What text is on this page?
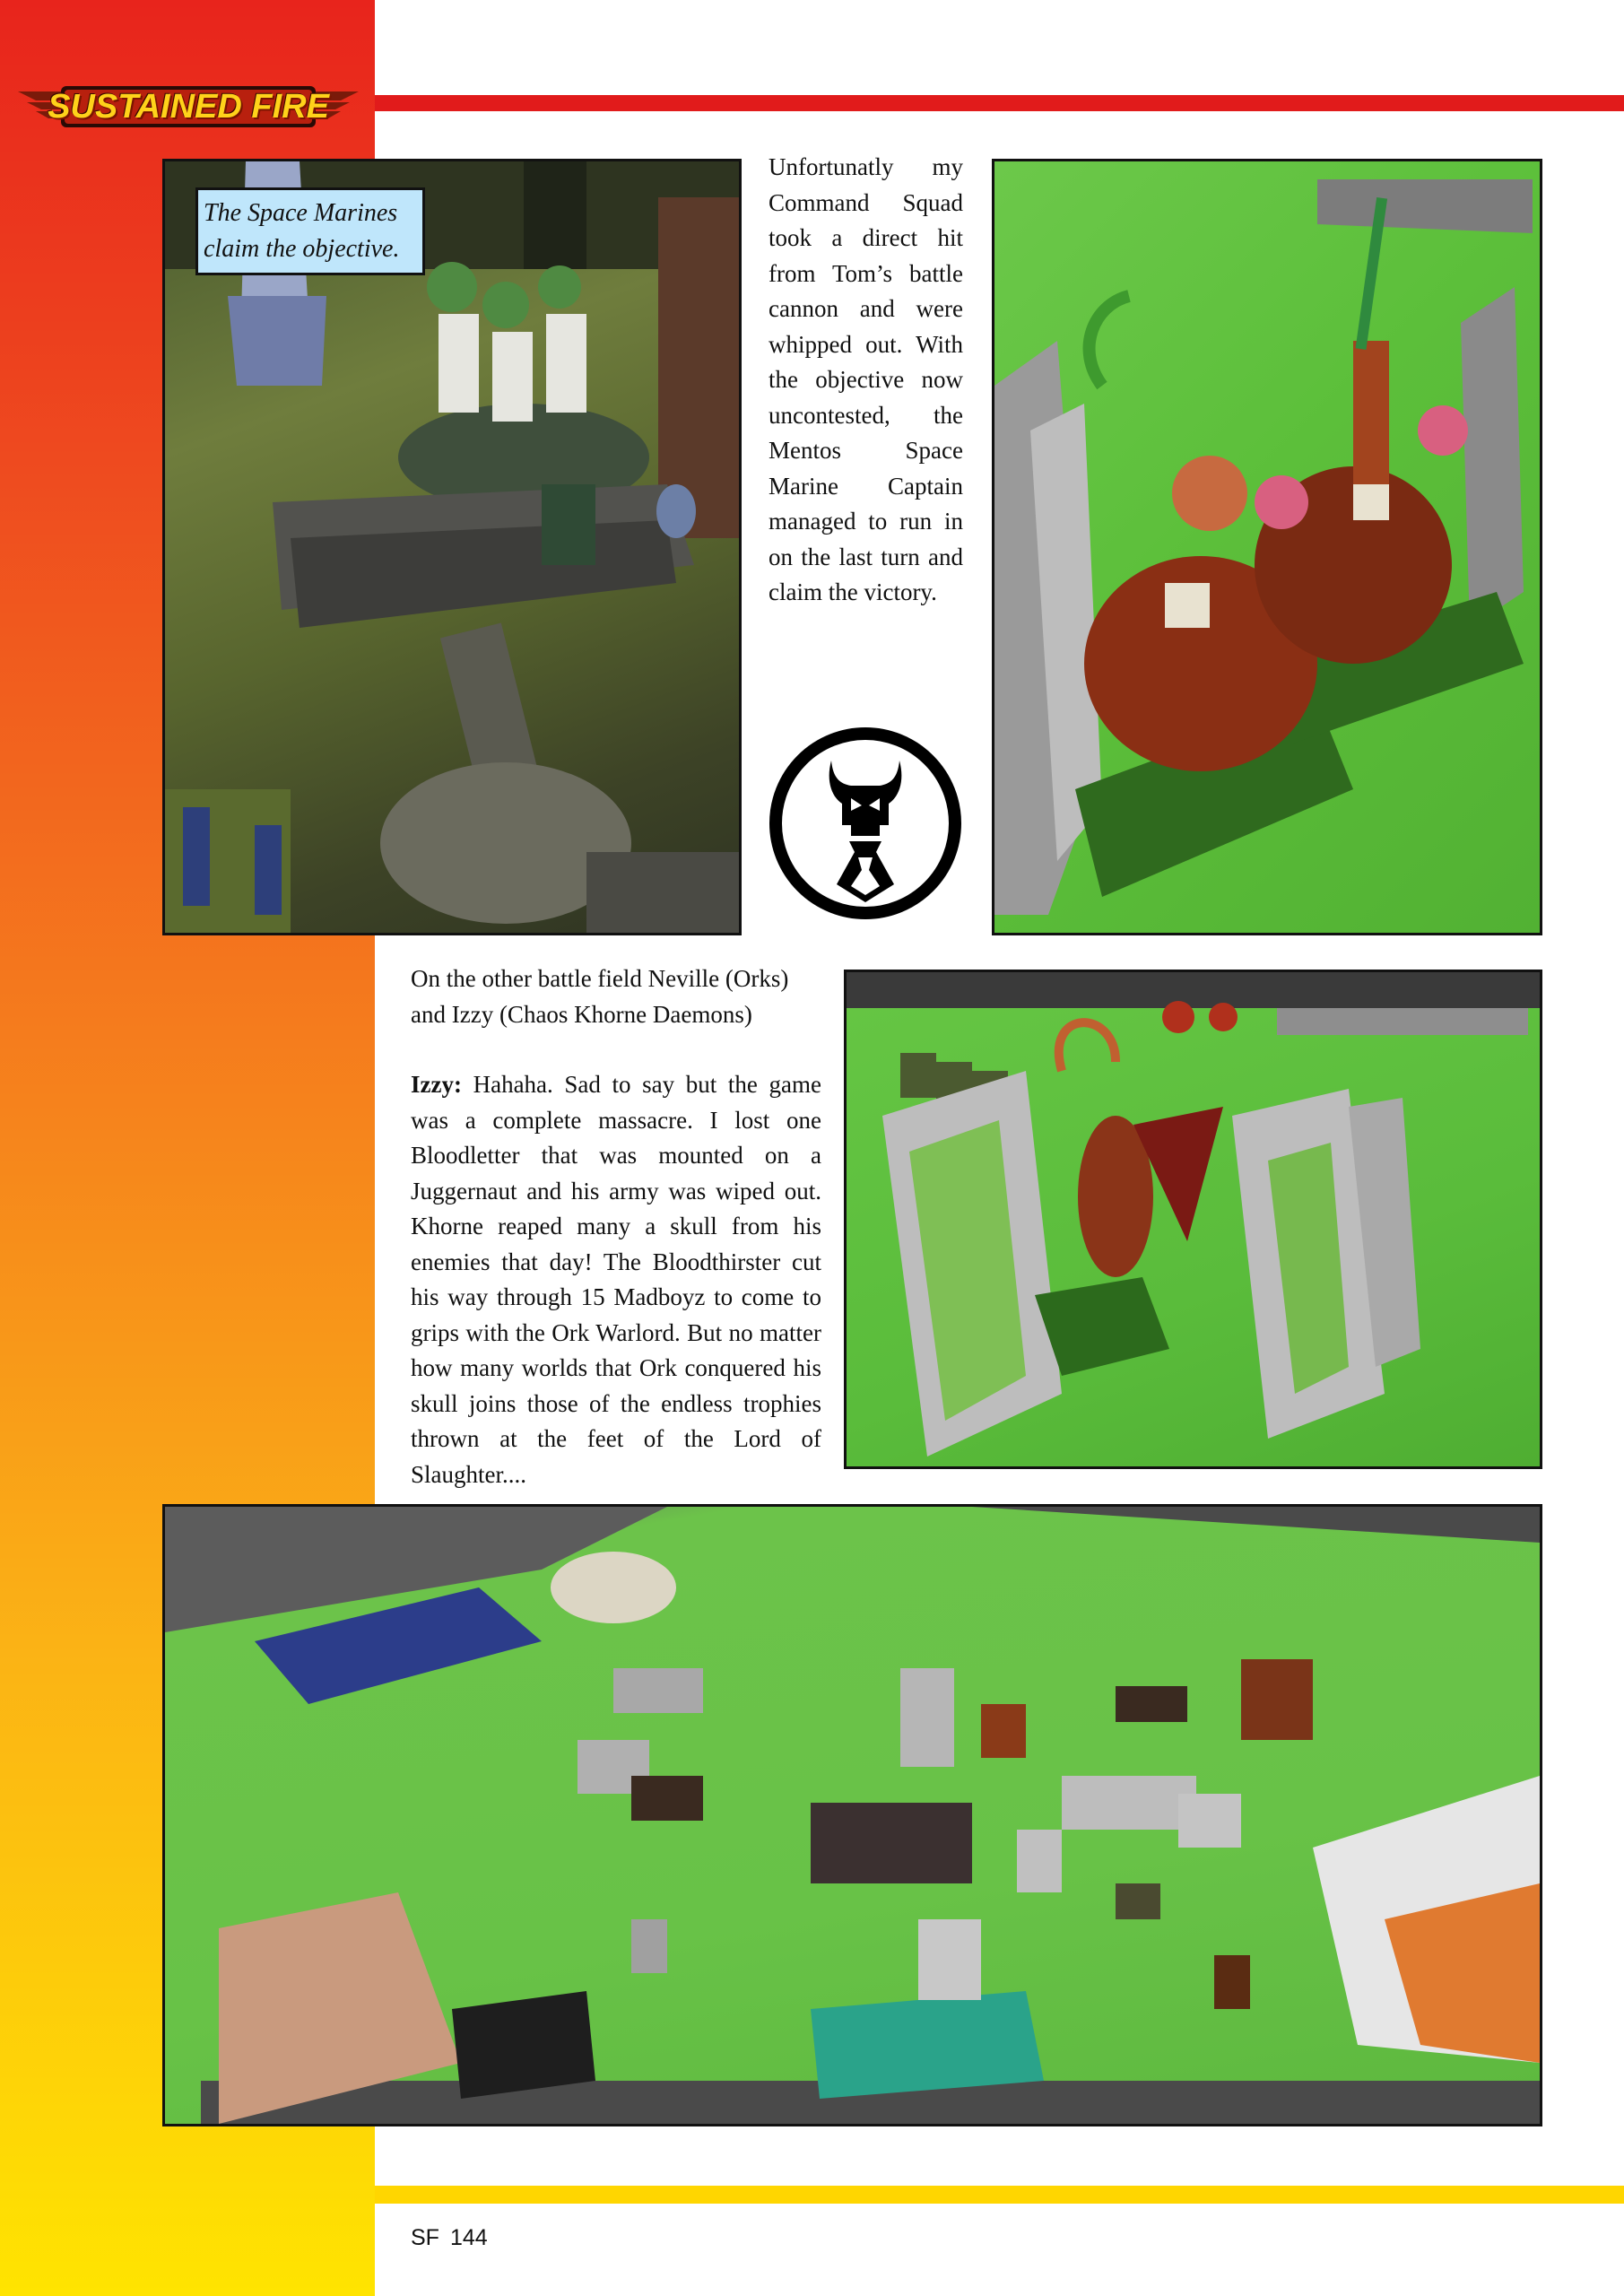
SUSTAINED FIRE
The Space Marines
claim the objective.
Unfortunatly my Command Squad took a direct hit from Tom’s battle cannon and were whipped out. With the objective now uncontested, the Mentos Space Marine Captain managed to run in on the last turn and claim the victory.

On the other battle field Neville (Orks) and Izzy (Chaos Khorne Daemons)

Izzy: Hahaha. Sad to say but the game was a complete massacre. I lost one Bloodletter that was mounted on a Juggernaut and his army was wiped out. Khorne reaped many a skull from his enemies that day! The Bloodthirster cut his way through 15 Madboyz to come to grips with the Ork Warlord. But no matter how many worlds that Ork conquered his skull joins those of the endless trophies thrown at the feet of the Lord of Slaughter....

SF 144
